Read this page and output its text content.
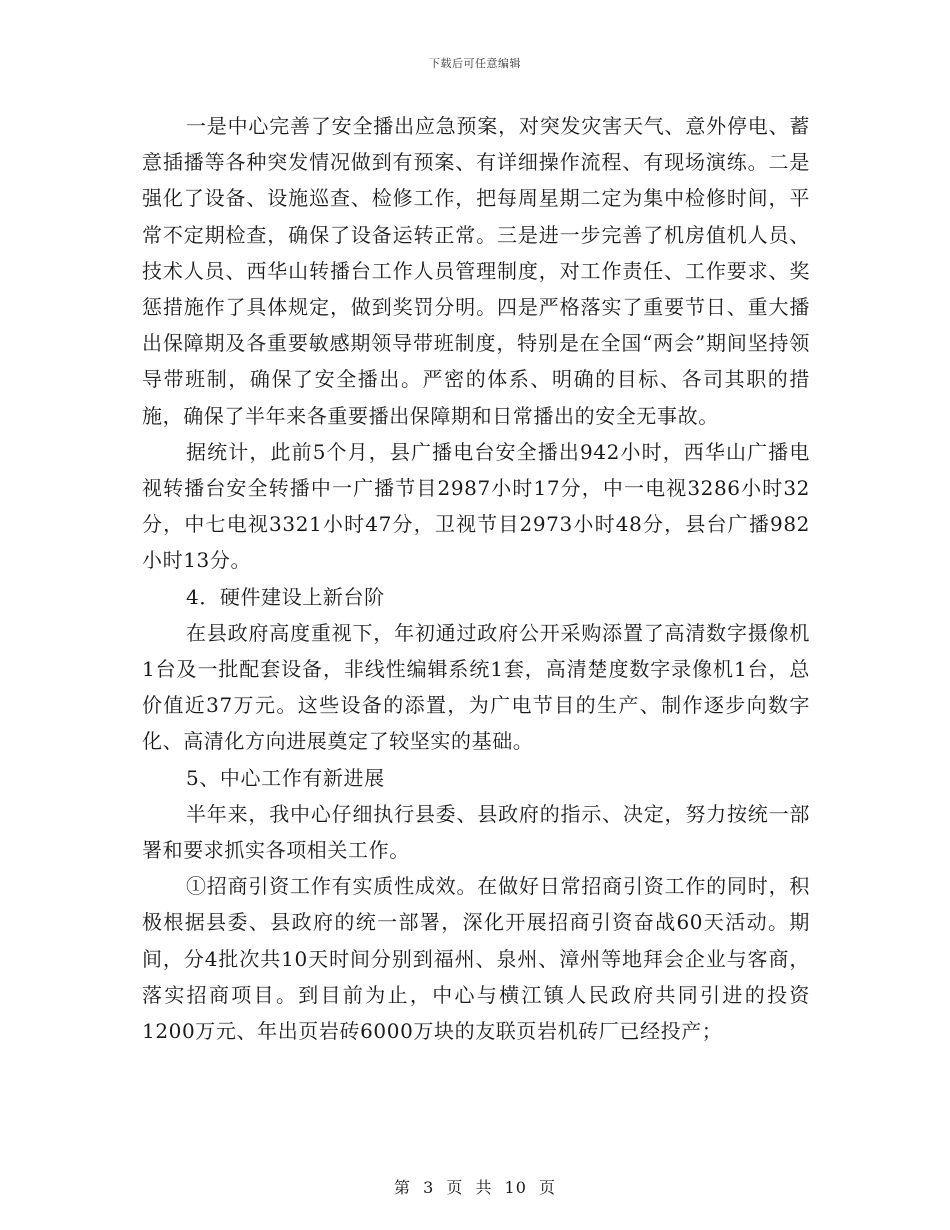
下载后可任意编辑

一是中心完善了安全播出应急预案，对突发灾害天气、意外停电、蓄意插播等各种突发情况做到有预案、有详细操作流程、有现场演练。二是强化了设备、设施巡查、检修工作，把每周星期二定为集中检修时间，平常不定期检查，确保了设备运转正常。三是进一步完善了机房值机人员、技术人员、西华山转播台工作人员管理制度，对工作责任、工作要求、奖惩措施作了具体规定，做到奖罚分明。四是严格落实了重要节日、重大播出保障期及各重要敏感期领导带班制度，特别是在全国“两会”期间坚持领导带班制，确保了安全播出。严密的体系、明确的目标、各司其职的措施，确保了半年来各重要播出保障期和日常播出的安全无事故。

据统计，此前5个月，县广播电台安全播出942小时，西华山广播电视转播台安全转播中一广播节目2987小时17分，中一电视3286小时32分，中七电视3321小时47分，卫视节目2973小时48分，县台广播982小时13分。

4．硬件建设上新台阶

在县政府高度重视下，年初通过政府公开采购添置了高清数字摄像机1台及一批配套设备，非线性编辑系统1套，高清楚度数字录像机1台，总价值近37万元。这些设备的添置，为广电节目的生产、制作逐步向数字化、高清化方向进展奠定了较坚实的基础。

5、中心工作有新进展

半年来，我中心仔细执行县委、县政府的指示、决定，努力按统一部署和要求抓实各项相关工作。

①招商引资工作有实质性成效。在做好日常招商引资工作的同时，积极根据县委、县政府的统一部署，深化开展招商引资奋战60天活动。期间，分4批次共10天时间分别到福州、泉州、漳州等地拜会企业与客商，落实招商项目。到目前为止，中心与横江镇人民政府共同引进的投资1200万元、年出页岩砖6000万块的友联页岩机砖厂已经投产；

第 3 页 共 10 页
